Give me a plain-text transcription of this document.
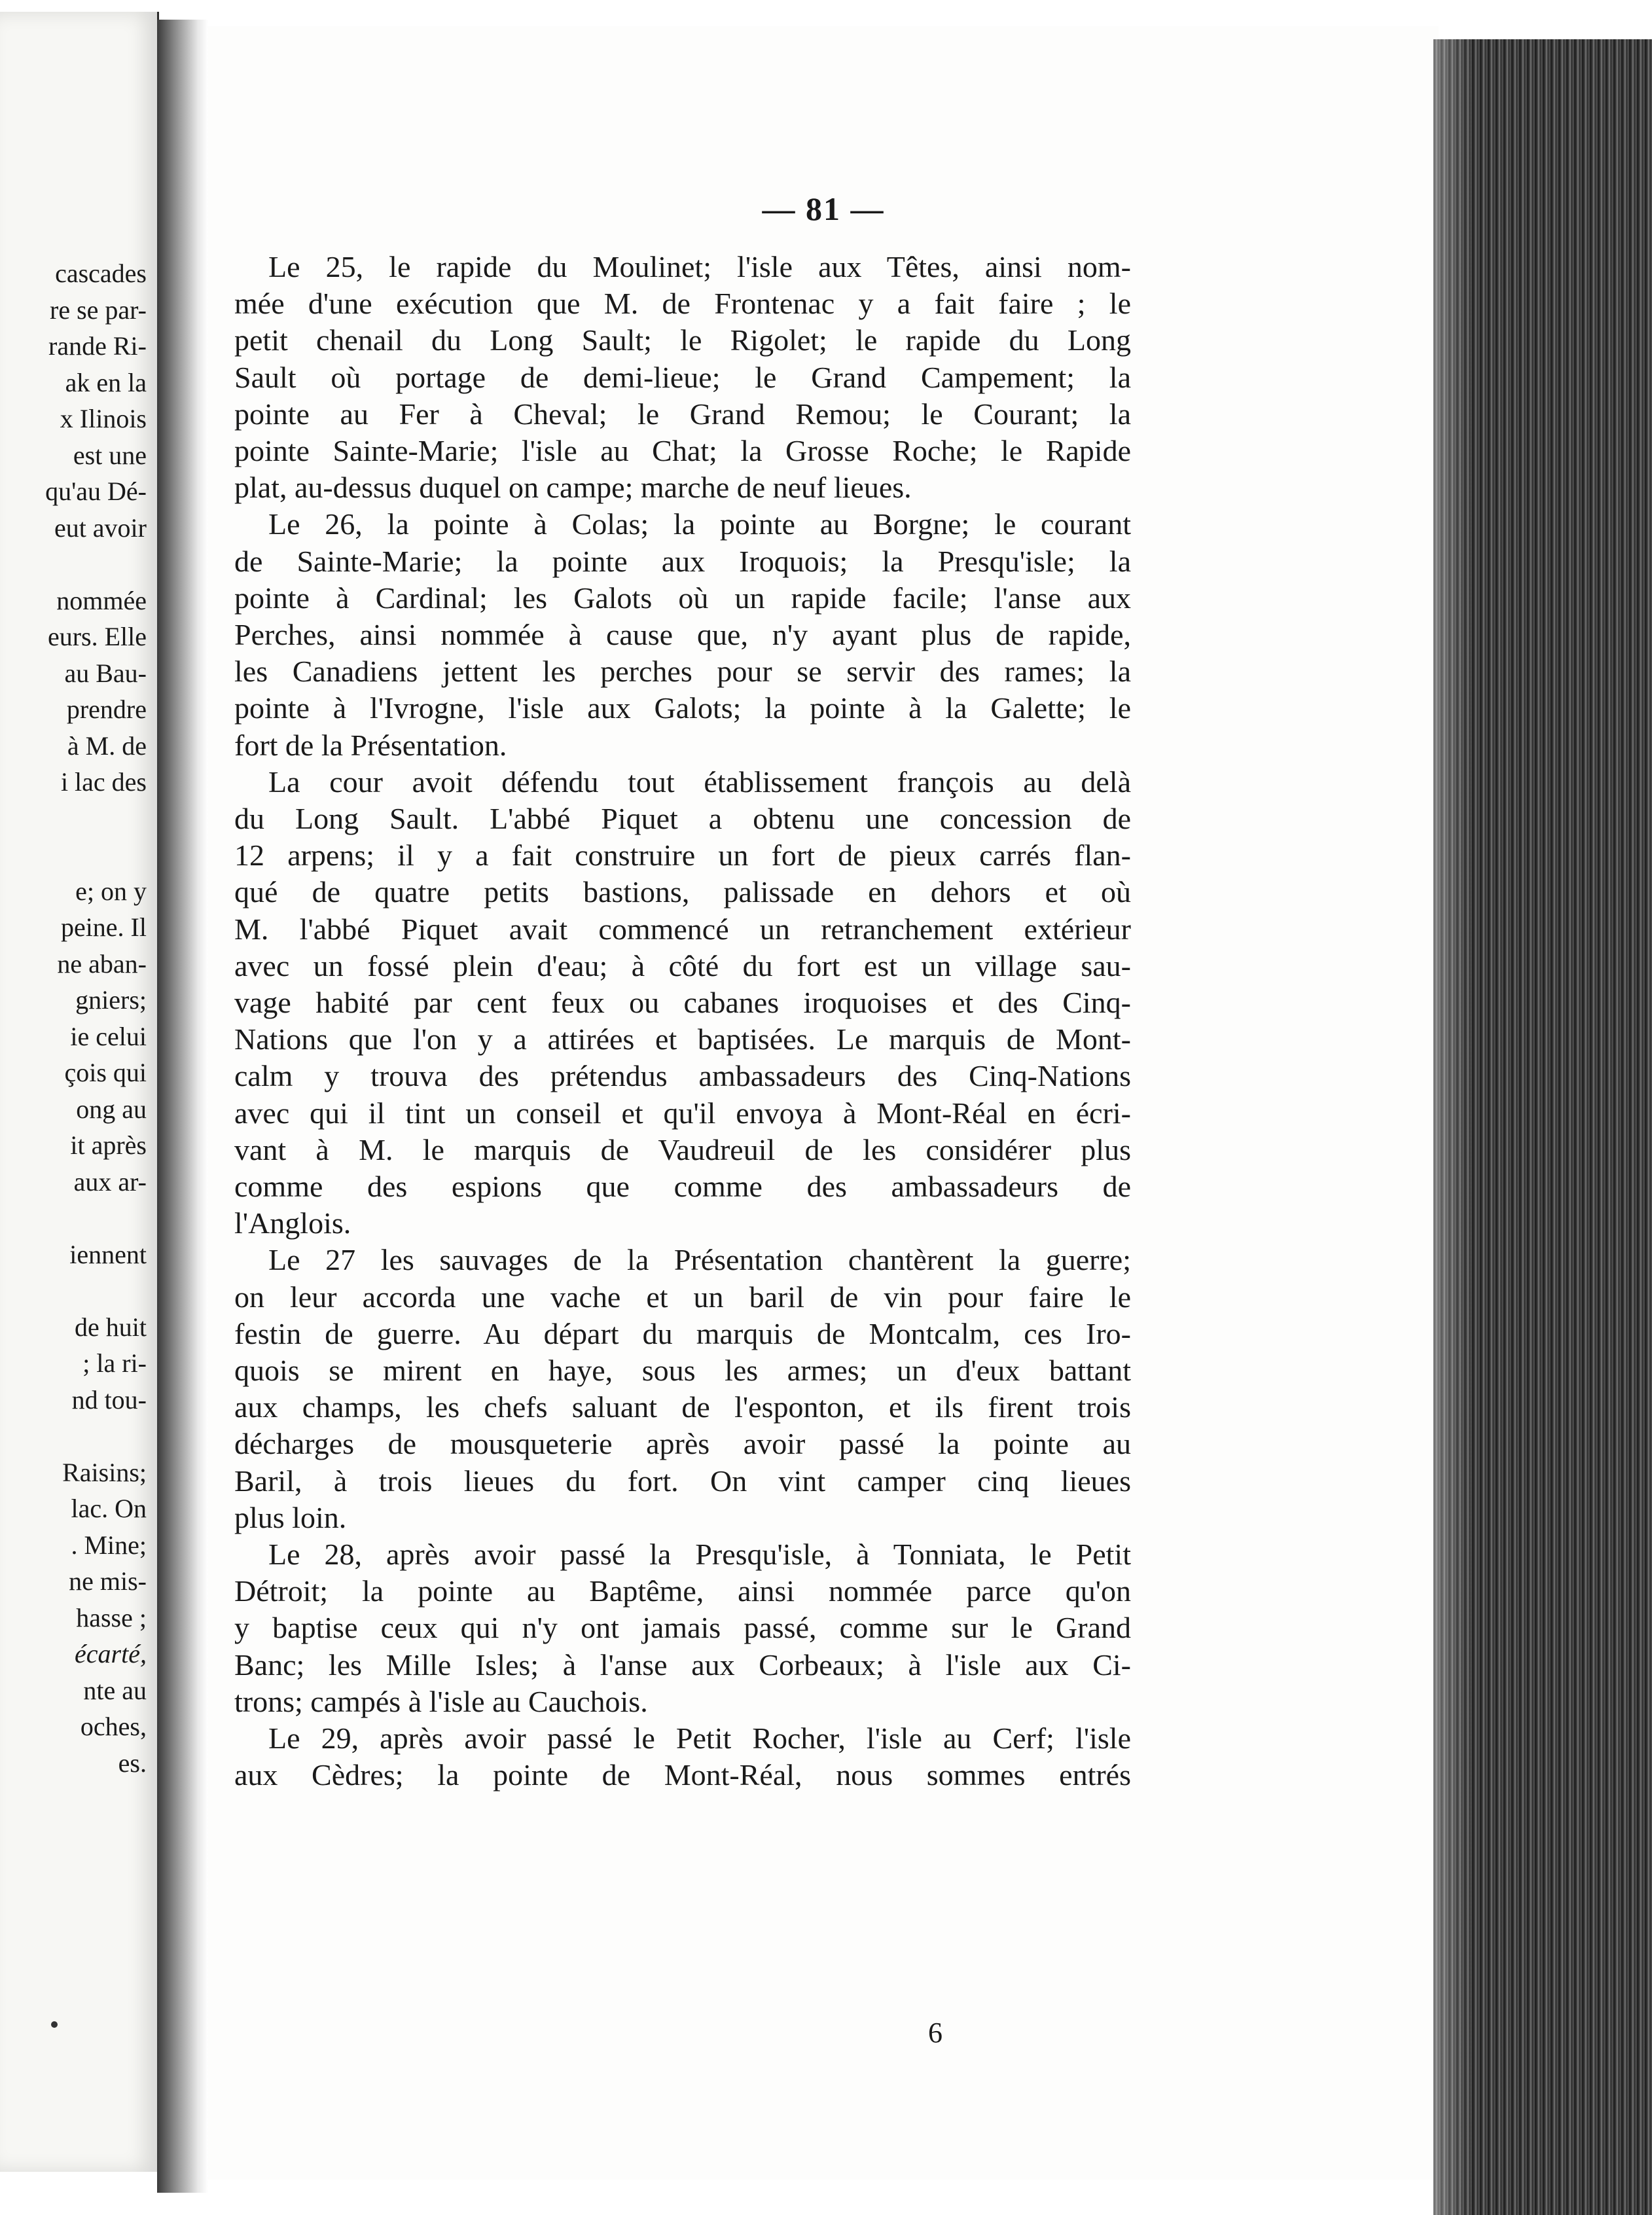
cascades
re se par-
rande Ri-
ak en la
x Ilinois
est une
qu'au Dé-
eut avoir
nommée
eurs. Elle
au Bau-
prendre
à M. de
i lac des
e; on y
peine. Il
ne aban-
gniers;
ie celui
çois qui
ong au
it après
aux ar-
iennent
de huit
; la ri-
nd tou-
Raisins;
lac. On
. Mine;
ne mis-
hasse ;
écarté,
nte au
oches,
es.
— 81 —
Le 25, le rapide du Moulinet; l'isle aux Têtes, ainsi nom-
mée d'une exécution que M. de Frontenac y a fait faire ; le
petit chenail du Long Sault; le Rigolet; le rapide du Long
Sault où portage de demi-lieue; le Grand Campement; la
pointe au Fer à Cheval; le Grand Remou; le Courant; la
pointe Sainte-Marie; l'isle au Chat; la Grosse Roche; le Rapide
plat, au-dessus duquel on campe; marche de neuf lieues.
Le 26, la pointe à Colas; la pointe au Borgne; le courant
de Sainte-Marie; la pointe aux Iroquois; la Presqu'isle; la
pointe à Cardinal; les Galots où un rapide facile; l'anse aux
Perches, ainsi nommée à cause que, n'y ayant plus de rapide,
les Canadiens jettent les perches pour se servir des rames; la
pointe à l'Ivrogne, l'isle aux Galots; la pointe à la Galette; le
fort de la Présentation.
La cour avoit défendu tout établissement françois au delà
du Long Sault. L'abbé Piquet a obtenu une concession de
12 arpens; il y a fait construire un fort de pieux carrés flan-
qué de quatre petits bastions, palissade en dehors et où
M. l'abbé Piquet avait commencé un retranchement extérieur
avec un fossé plein d'eau; à côté du fort est un village sau-
vage habité par cent feux ou cabanes iroquoises et des Cinq-
Nations que l'on y a attirées et baptisées. Le marquis de Mont-
calm y trouva des prétendus ambassadeurs des Cinq-Nations
avec qui il tint un conseil et qu'il envoya à Mont-Réal en écri-
vant à M. le marquis de Vaudreuil de les considérer plus
comme des espions que comme des ambassadeurs de
l'Anglois.
Le 27 les sauvages de la Présentation chantèrent la guerre;
on leur accorda une vache et un baril de vin pour faire le
festin de guerre. Au départ du marquis de Montcalm, ces Iro-
quois se mirent en haye, sous les armes; un d'eux battant
aux champs, les chefs saluant de l'esponton, et ils firent trois
décharges de mousqueterie après avoir passé la pointe au
Baril, à trois lieues du fort. On vint camper cinq lieues
plus loin.
Le 28, après avoir passé la Presqu'isle, à Tonniata, le Petit
Détroit; la pointe au Baptême, ainsi nommée parce qu'on
y baptise ceux qui n'y ont jamais passé, comme sur le Grand
Banc; les Mille Isles; à l'anse aux Corbeaux; à l'isle aux Ci-
trons; campés à l'isle au Cauchois.
Le 29, après avoir passé le Petit Rocher, l'isle au Cerf; l'isle
aux Cèdres; la pointe de Mont-Réal, nous sommes entrés
6
